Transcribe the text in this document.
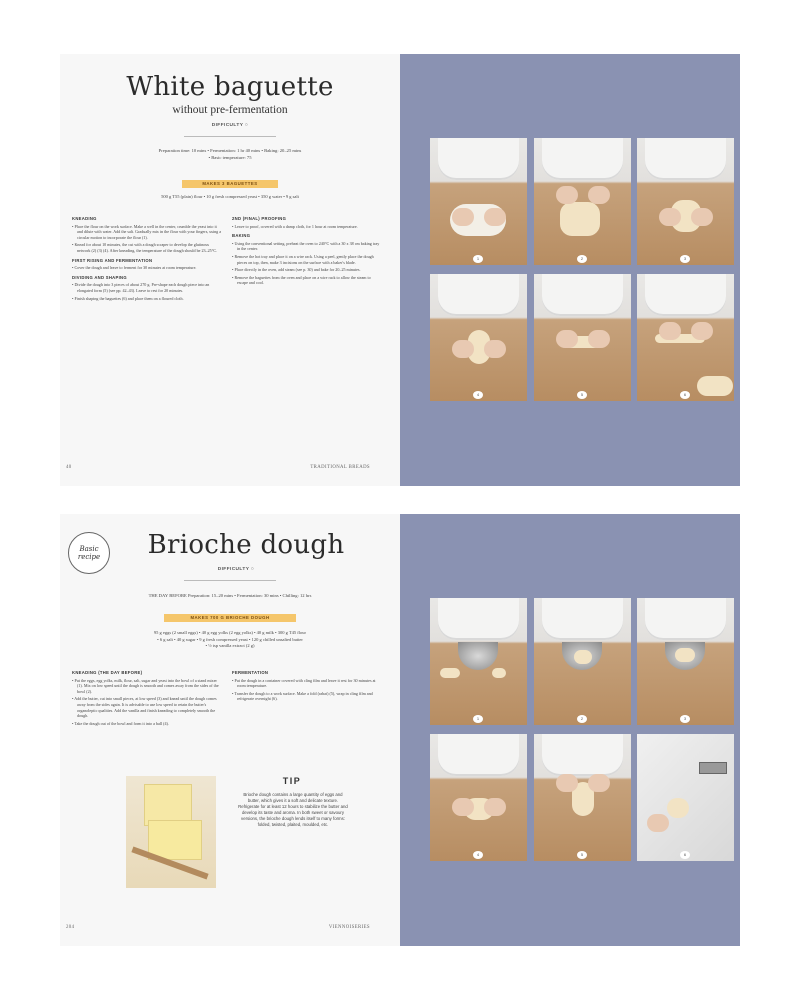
White baguette
without pre-fermentation
DIFFICULTY ○
Preparation time: 10 mins • Fermentation: 1 hr 40 mins • Baking: 20–25 mins
• Basic temperature: 75
MAKES 3 BAGUETTES
500 g T55 (plain) flour • 10 g fresh compressed yeast • 350 g water • 9 g salt
KNEADING

• Place the flour on the work surface. Make a well in the center, crumble the yeast into it and dilute with water. Add the salt. Gradually mix in the flour with your fingers, using a circular motion to incorporate the flour (1).

• Knead for about 10 minutes, the cut with a dough scraper to develop the glutinous network (2) (3) (4). After kneading, the temperature of the dough should be 23–25°C.

FIRST RISING AND FERMENTATION

• Cover the dough and leave to ferment for 30 minutes at room temperature.

DIVIDING AND SHAPING

• Divide the dough into 3 pieces of about 270 g. Pre-shape each dough piece into an elongated form (5) (see pp. 42–43). Leave to rest for 20 minutes.

• Finish shaping the baguettes (6) and place them on a floured cloth.

2ND (FINAL) PROOFING

• Leave to proof, covered with a damp cloth, for 1 hour at room temperature.

BAKING

• Using the conventional setting, preheat the oven to 240°C with a 30 x 38 cm baking tray in the center.

• Remove the hot tray and place it on a wire rack. Using a peel, gently place the dough pieces on top, then, make 3 incisions on the surface with a baker's blade.

• Place directly in the oven, add steam (see p. 30) and bake for 20–25 minutes.

• Remove the baguettes from the oven and place on a wire rack to allow the steam to escape and cool.

40	TRADITIONAL BREADS
1	2	3
4	5	6
Basic recipe	Brioche dough
DIFFICULTY ○
THE DAY BEFORE Preparation: 15–20 mins • Fermentation: 30 mins • Chilling: 12 hrs
MAKES 700 G BRIOCHE DOUGH
95 g eggs (2 small eggs) • 40 g egg yolks (2 egg yolks) • 40 g milk • 300 g T45 flour
• 6 g salt • 40 g sugar • 9 g fresh compressed yeast • 120 g chilled unsalted butter
• ½ tsp vanilla extract (2 g)
KNEADING (THE DAY BEFORE)

• Put the eggs, egg yolks, milk, flour, salt, sugar and yeast into the bowl of a stand mixer (1). Mix on low speed until the dough is smooth and comes away from the sides of the bowl (2).

• Add the butter, cut into small pieces, at low speed (3) and knead until the dough comes away from the sides again. It is advisable to use low speed to retain the butter's organoleptic qualities. Add the vanilla and finish kneading to completely smooth the dough.

• Take the dough out of the bowl and form it into a ball (4).

FERMENTATION

• Put the dough in a container covered with cling film and leave it rest for 30 minutes at room temperature.

• Transfer the dough to a work surface. Make a fold (rabat) (5), wrap in cling film and refrigerate overnight (6).

TIP
Brioche dough contains a large quantity of eggs and butter, which gives it a soft and delicate texture. Refrigerate for at least 12 hours to stabilize the butter and develop its taste and aroma. In both sweet or savoury versions, the brioche dough lends itself to many forms: folded, twisted, plaited, moulded, etc.
204	VIENNOISERIES
1	2	3
4	5	6
